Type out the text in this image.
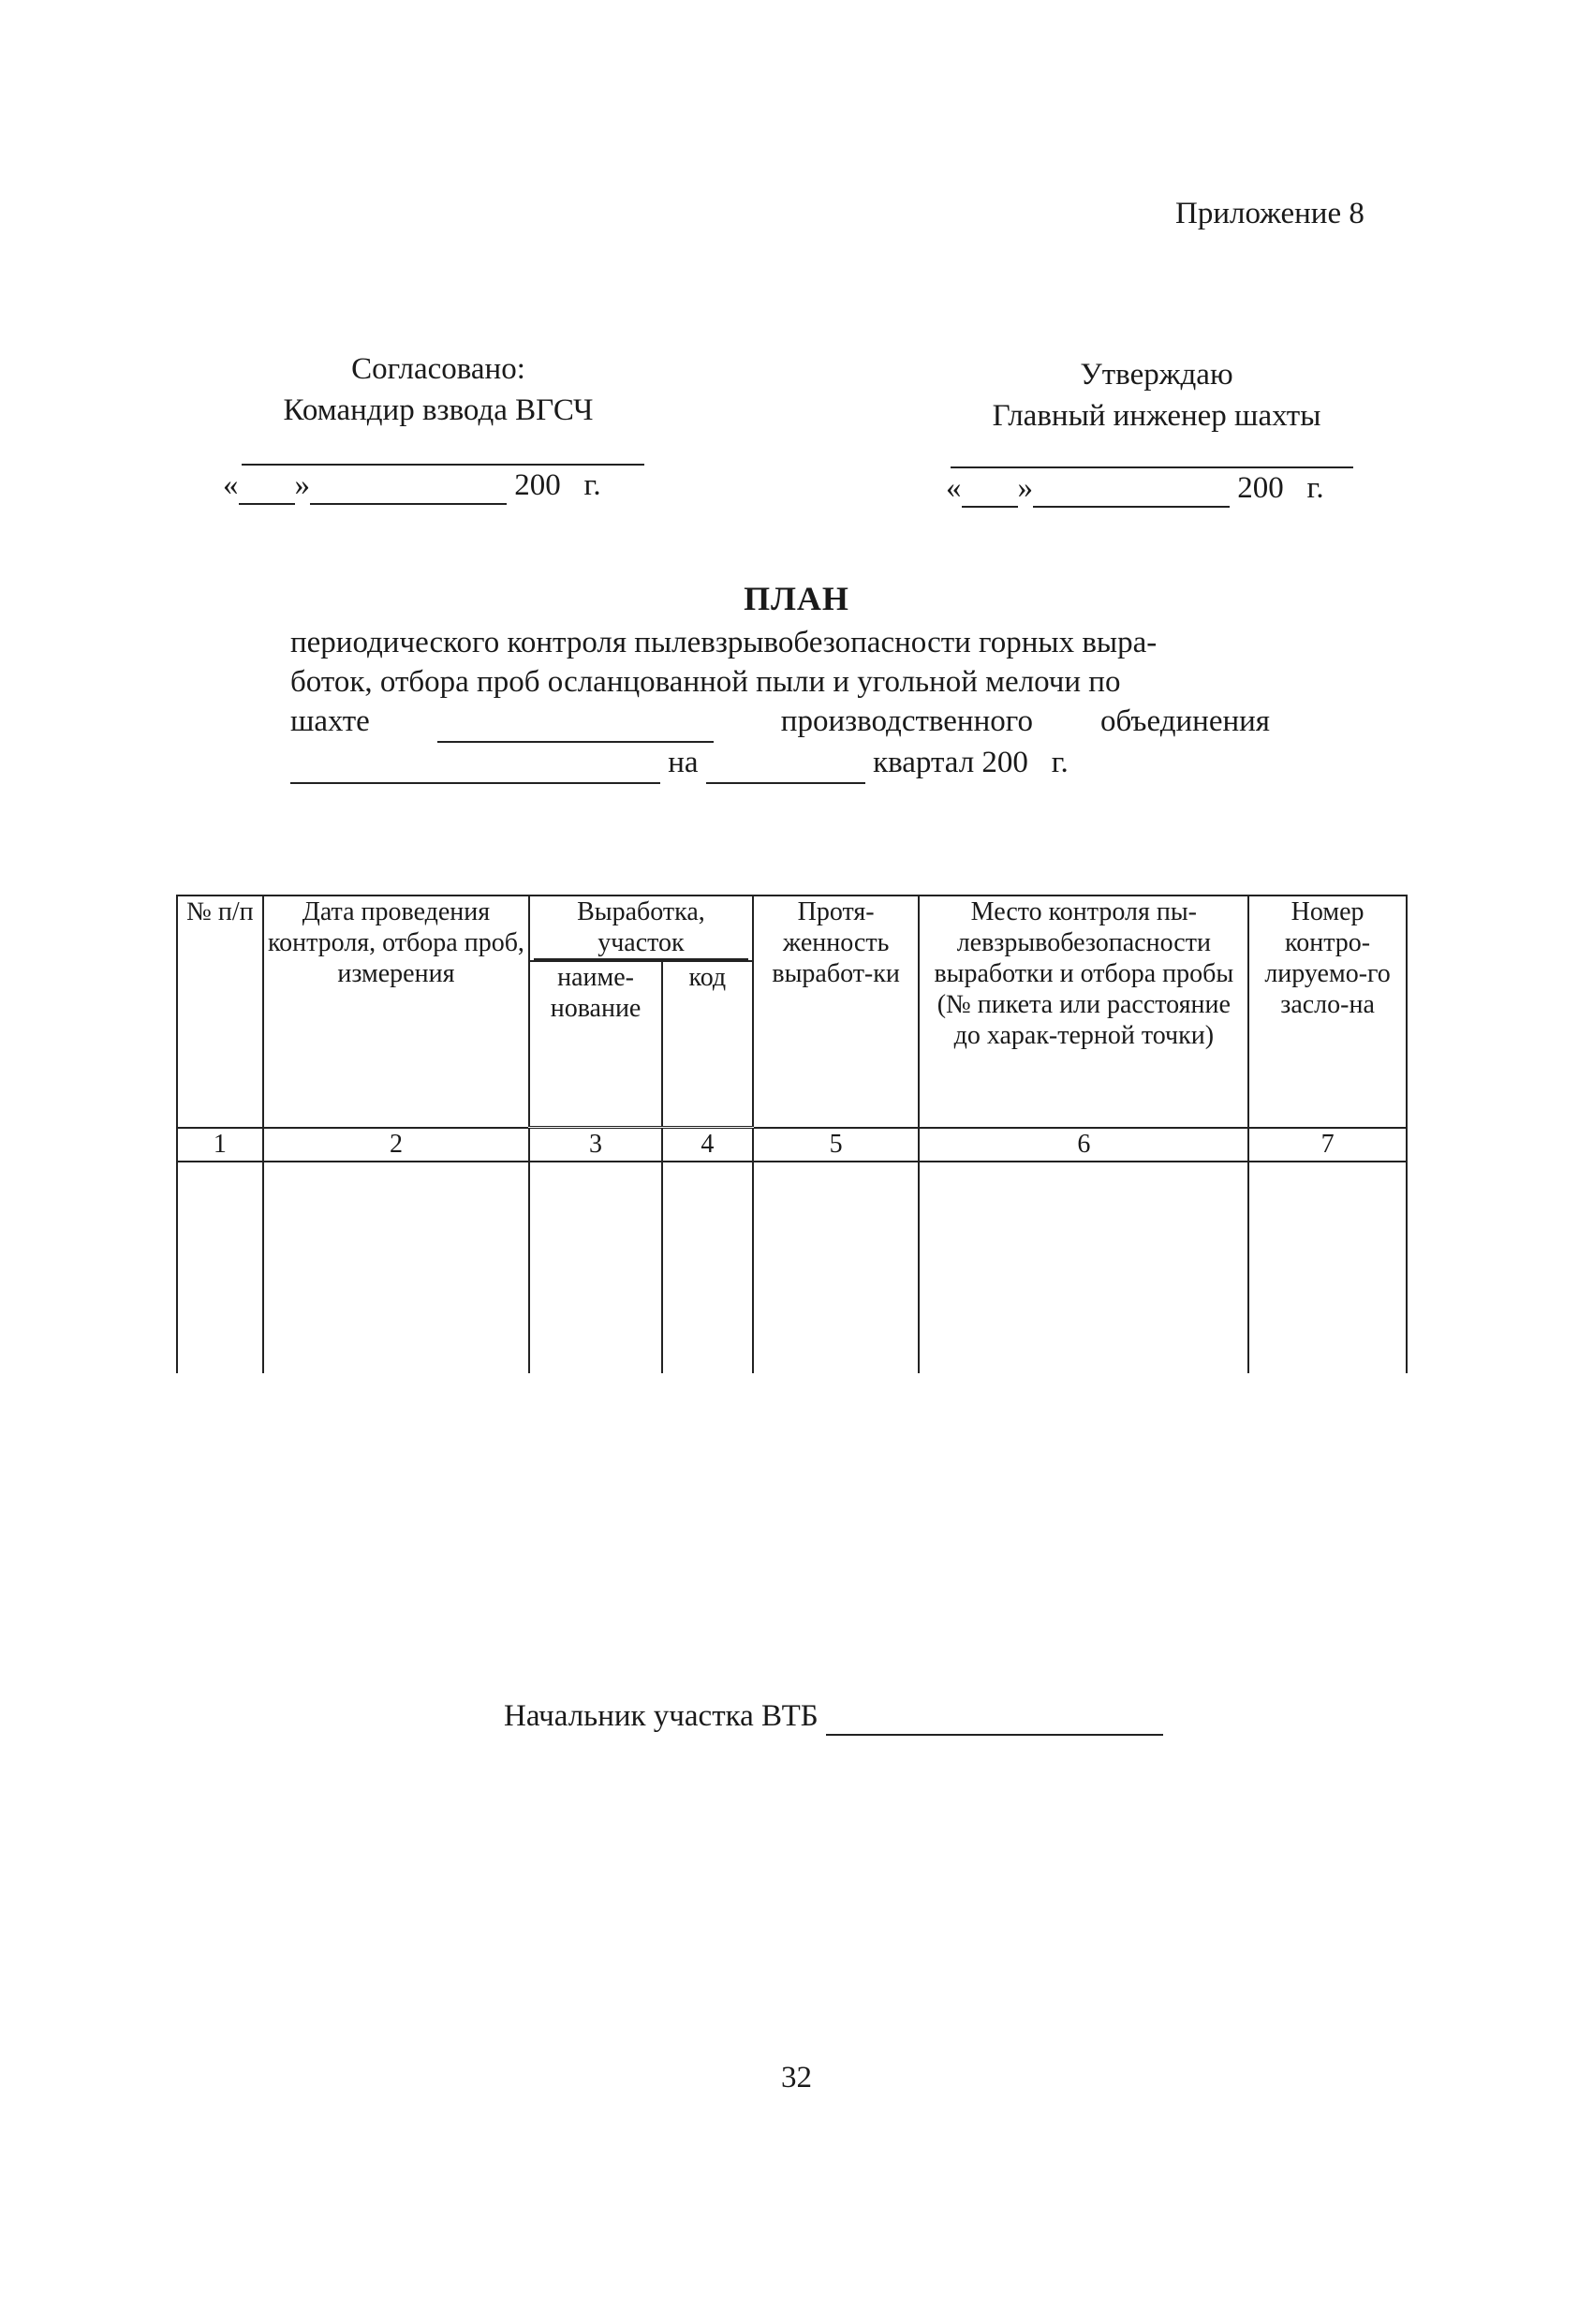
Приложение 8
Согласовано:
Командир взвода ВГСЧ
« »	200 г.
Утверждаю
Главный инженер шахты
« »	200 г.
ПЛАН
периодического контроля пылевзрывобезопасности горных выра-
боток, отбора проб осланцованной пыли и угольной мелочи по
шахте
	производственного объединения
на	квартал 200 г.
№ п/п	Дата проведения контроля, отбора проб, измерения	Выработка, участок		Протя-женность выработ-ки	Место контроля пы-левзрывобезопасности выработки и отбора пробы (№ пикета или расстояние до харак-терной точки)	Номер контро-лируемо-го засло-на
		наиме-нование	код			
1	2	3	4	5	6	7

Начальник участка ВТБ
32
